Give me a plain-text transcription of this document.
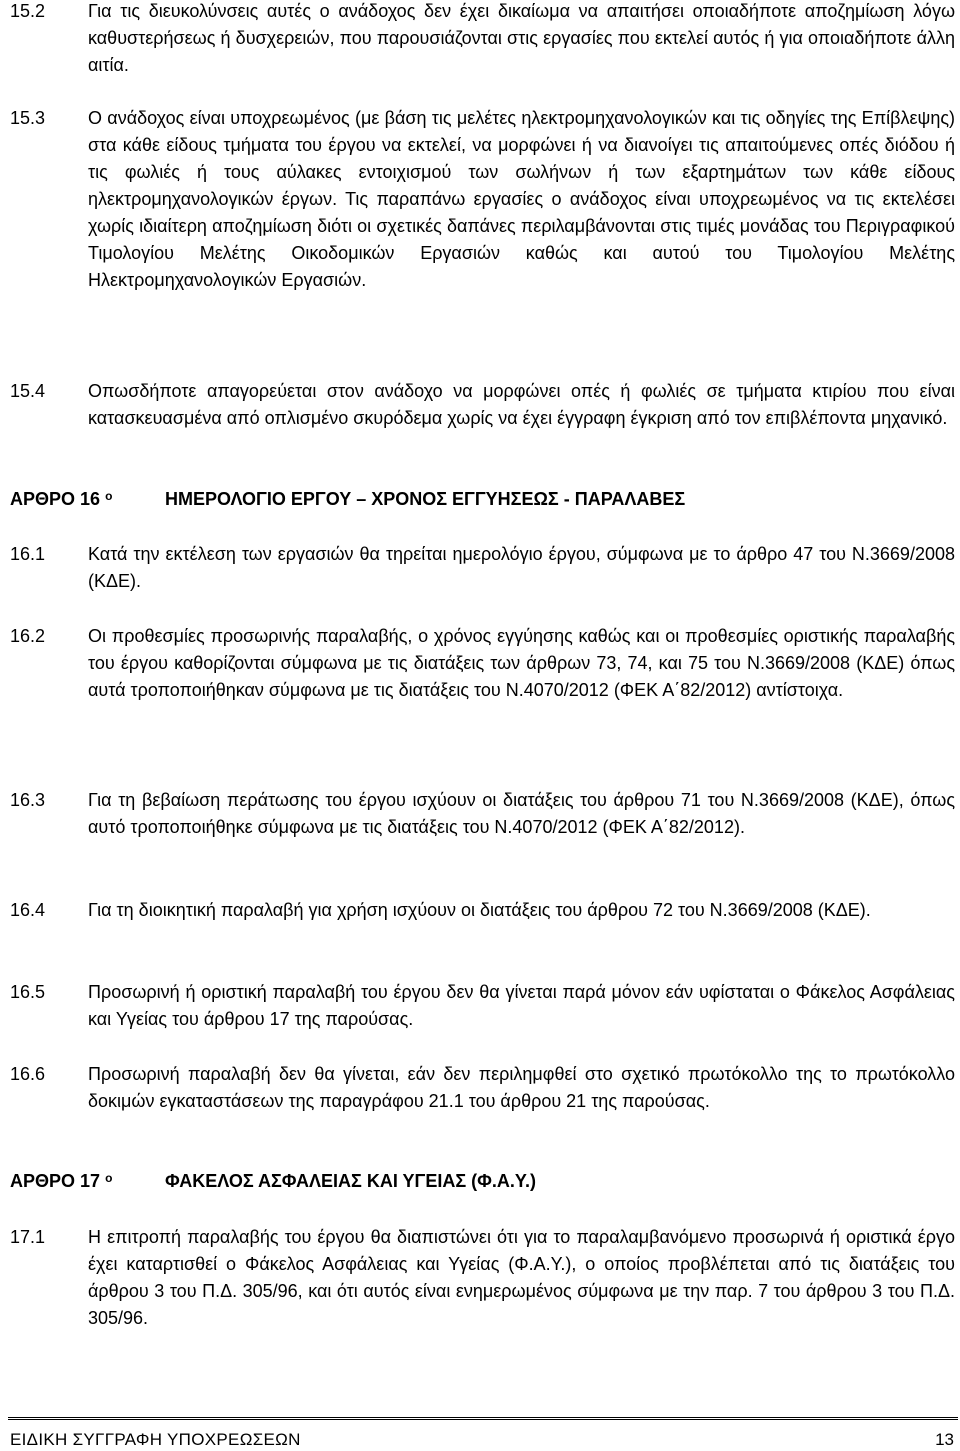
15.2 Για τις διευκολύνσεις αυτές ο ανάδοχος δεν έχει δικαίωμα να απαιτήσει οποιαδήποτε αποζημίωση λόγω καθυστερήσεως ή δυσχερειών, που παρουσιάζονται στις εργασίες που εκτελεί αυτός ή για οποιαδήποτε άλλη αιτία.
15.3 Ο ανάδοχος είναι υποχρεωμένος (με βάση τις μελέτες ηλεκτρομηχανολογικών και τις οδηγίες της Επίβλεψης) στα κάθε είδους τμήματα του έργου να εκτελεί, να μορφώνει ή να διανοίγει τις απαιτούμενες οπές διόδου ή τις φωλιές ή τους αύλακες εντοιχισμού των σωλήνων ή των εξαρτημάτων των κάθε είδους ηλεκτρομηχανολογικών έργων. Τις παραπάνω εργασίες ο ανάδοχος είναι υποχρεωμένος να τις εκτελέσει χωρίς ιδιαίτερη αποζημίωση διότι οι σχετικές δαπάνες περιλαμβάνονται στις τιμές μονάδας του Περιγραφικού Τιμολογίου Μελέτης Οικοδομικών Εργασιών καθώς και αυτού του Τιμολογίου Μελέτης Ηλεκτρομηχανολογικών Εργασιών.
15.4 Οπωσδήποτε απαγορεύεται στον ανάδοχο να μορφώνει οπές ή φωλιές σε τμήματα κτιρίου που είναι κατασκευασμένα από οπλισμένο σκυρόδεμα χωρίς να έχει έγγραφη έγκριση από τον επιβλέποντα μηχανικό.
ΑΡΘΡΟ 16 $^o$	ΗΜΕΡΟΛΟΓΙΟ ΕΡΓΟΥ – ΧΡΟΝΟΣ ΕΓΓΥΗΣΕΩΣ - ΠΑΡΑΛΑΒΕΣ
16.1 Κατά την εκτέλεση των εργασιών θα τηρείται ημερολόγιο έργου, σύμφωνα με το άρθρο 47 του Ν.3669/2008 (ΚΔΕ).
16.2 Οι προθεσμίες προσωρινής παραλαβής, ο χρόνος εγγύησης καθώς και οι προθεσμίες οριστικής παραλαβής του έργου καθορίζονται σύμφωνα με τις διατάξεις των άρθρων 73, 74, και 75 του Ν.3669/2008 (ΚΔΕ) όπως αυτά τροποποιήθηκαν σύμφωνα με τις διατάξεις του Ν.4070/2012 (ΦΕΚ Α΄82/2012) αντίστοιχα.
16.3 Για τη βεβαίωση περάτωσης του έργου ισχύουν οι διατάξεις του άρθρου 71 του Ν.3669/2008 (ΚΔΕ), όπως αυτό τροποποιήθηκε σύμφωνα με τις διατάξεις του Ν.4070/2012 (ΦΕΚ Α΄82/2012).
16.4 Για τη διοικητική παραλαβή για χρήση ισχύουν οι διατάξεις του άρθρου 72 του Ν.3669/2008 (ΚΔΕ).
16.5 Προσωρινή ή οριστική παραλαβή του έργου δεν θα γίνεται παρά μόνον εάν υφίσταται ο Φάκελος Ασφάλειας και Υγείας του άρθρου 17 της παρούσας.
16.6 Προσωρινή παραλαβή δεν θα γίνεται, εάν δεν περιλημφθεί στο σχετικό πρωτόκολλο της το πρωτόκολλο δοκιμών εγκαταστάσεων της παραγράφου 21.1 του άρθρου 21 της παρούσας.
ΑΡΘΡΟ 17 $^o$	ΦΑΚΕΛΟΣ ΑΣΦΑΛΕΙΑΣ ΚΑΙ ΥΓΕΙΑΣ (Φ.Α.Υ.)
17.1 Η επιτροπή παραλαβής του έργου θα διαπιστώνει ότι για το παραλαμβανόμενο προσωρινά ή οριστικά έργο έχει καταρτισθεί ο Φάκελος Ασφάλειας και Υγείας (Φ.Α.Υ.), ο οποίος προβλέπεται από τις διατάξεις του άρθρου 3 του Π.Δ. 305/96, και ότι αυτός είναι ενημερωμένος σύμφωνα με την παρ. 7 του άρθρου 3 του Π.Δ. 305/96.
ΕΙΔΙΚΗ ΣΥΓΓΡΑΦΗ ΥΠΟΧΡΕΩΣΕΩΝ	13
